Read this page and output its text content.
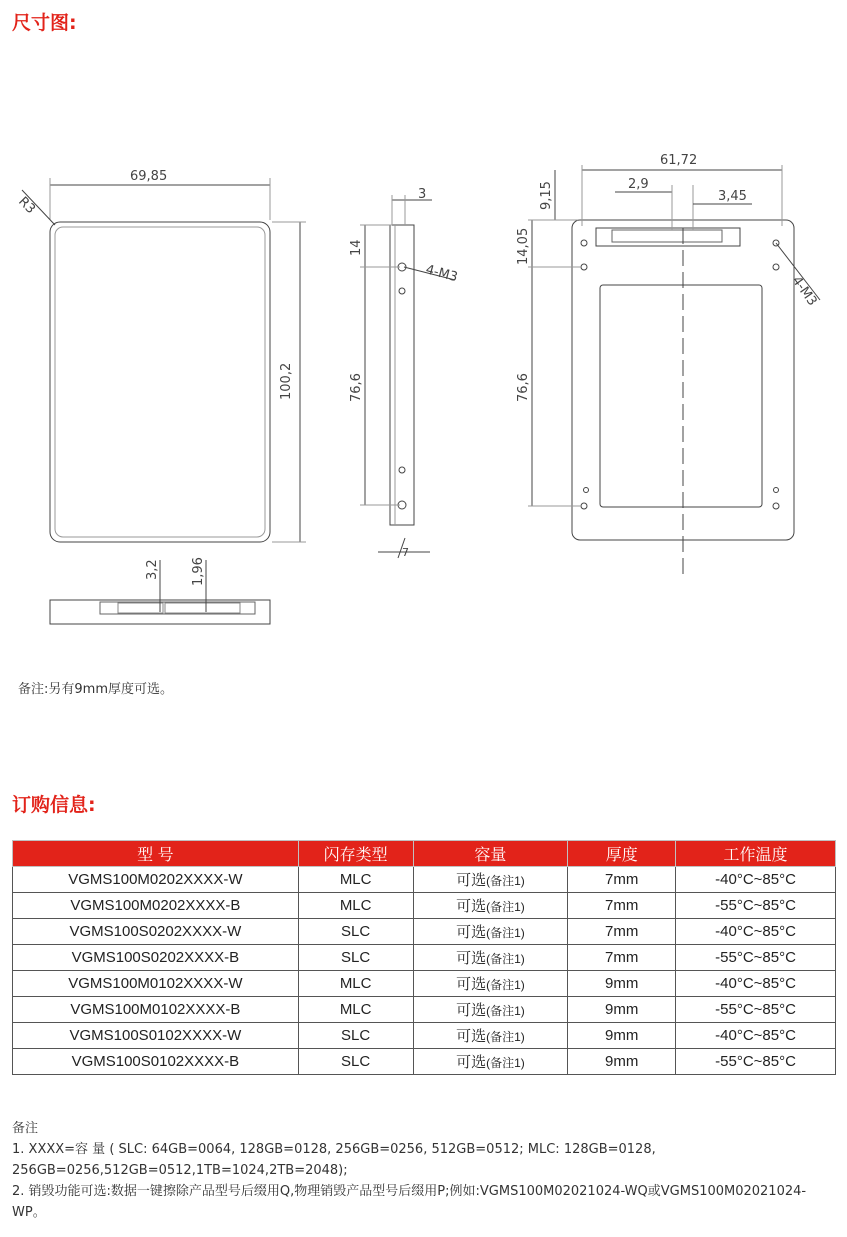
尺寸图:
69,85
100,2
R3	3
14
76,6
4-M3
7
61,72
2,9
3,45
9,15
14,05
76,6
4-M3
3,2 1,96
备注:另有9mm厚度可选。
订购信息:
型 号	闪存类型	容量	厚度	工作温度
VGMS100M0202XXXX-W	MLC	可选(备注1)	7mm	-40°C~85°C
VGMS100M0202XXXX-B	MLC	可选(备注1)	7mm	-55°C~85°C
VGMS100S0202XXXX-W	SLC	可选(备注1)	7mm	-40°C~85°C
VGMS100S0202XXXX-B	SLC	可选(备注1)	7mm	-55°C~85°C
VGMS100M0102XXXX-W	MLC	可选(备注1)	9mm	-40°C~85°C
VGMS100M0102XXXX-B	MLC	可选(备注1)	9mm	-55°C~85°C
VGMS100S0102XXXX-W	SLC	可选(备注1)	9mm	-40°C~85°C
VGMS100S0102XXXX-B	SLC	可选(备注1)	9mm	-55°C~85°C
备注
1. XXXX=容 量 ( SLC: 64GB=0064, 128GB=0128, 256GB=0256, 512GB=0512; MLC: 128GB=0128, 256GB=0256,512GB=0512,1TB=1024,2TB=2048);
2. 销毁功能可选:数据一键擦除产品型号后缀用Q,物理销毁产品型号后缀用P;例如:VGMS100M02021024-WQ或VGMS100M02021024-WP。
